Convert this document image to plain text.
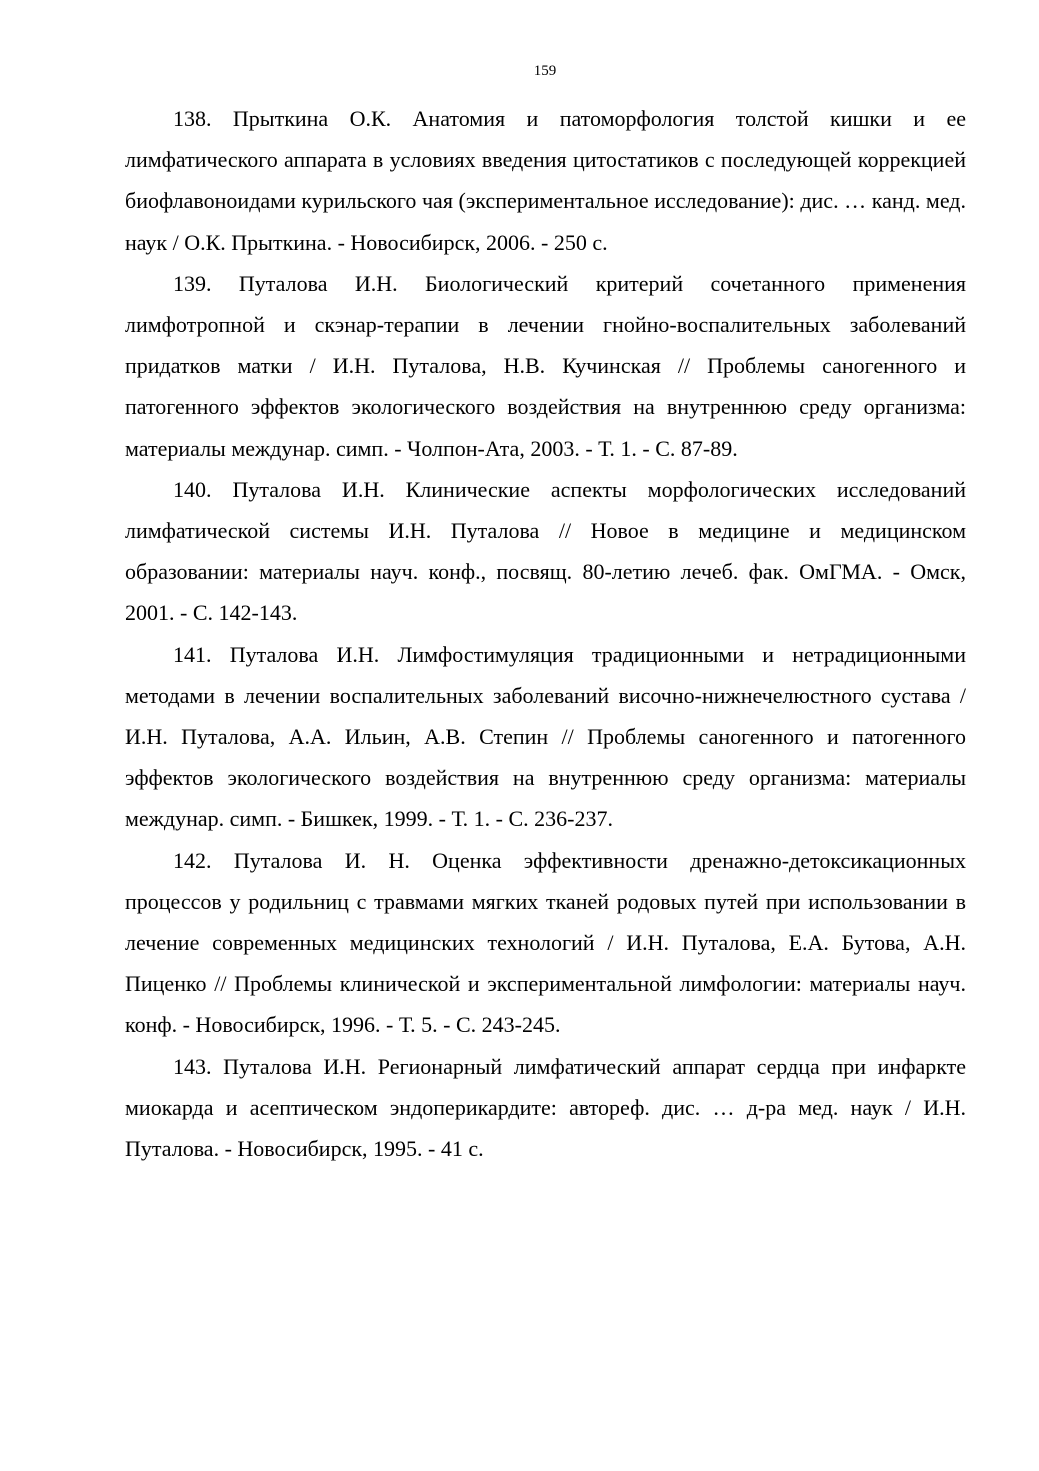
159
138. Прыткина О.К. Анатомия и патоморфология толстой кишки и ее лимфатического аппарата в условиях введения цитостатиков с последующей коррекцией биофлавоноидами курильского чая (экспериментальное исследование): дис. … канд. мед. наук / О.К. Прыткина. - Новосибирск, 2006. - 250 с.
139. Путалова И.Н. Биологический критерий сочетанного применения лимфотропной и скэнар-терапии в лечении гнойно-воспалительных заболеваний придатков матки / И.Н. Путалова, Н.В. Кучинская // Проблемы саногенного и патогенного эффектов экологического воздействия на внутреннюю среду организма: материалы междунар. симп. - Чолпон-Ата, 2003. - Т. 1. - С. 87-89.
140. Путалова И.Н. Клинические аспекты морфологических исследований лимфатической системы И.Н. Путалова // Новое в медицине и медицинском образовании: материалы науч. конф., посвящ. 80-летию лечеб. фак. ОмГМА. - Омск, 2001. - С. 142-143.
141. Путалова И.Н. Лимфостимуляция традиционными и нетрадиционными методами в лечении воспалительных заболеваний височно-нижнечелюстного сустава / И.Н. Путалова, А.А. Ильин, А.В. Степин // Проблемы саногенного и патогенного эффектов экологического воздействия на внутреннюю среду организма: материалы междунар. симп. - Бишкек, 1999. - Т. 1. - С. 236-237.
142. Путалова И. Н. Оценка эффективности дренажно-детоксикационных процессов у родильниц с травмами мягких тканей родовых путей при использовании в лечение современных медицинских технологий / И.Н. Путалова, Е.А. Бутова, А.Н. Пиценко // Проблемы клинической и экспериментальной лимфологии: материалы науч. конф. - Новосибирск, 1996. - Т. 5. - С. 243-245.
143. Путалова И.Н. Регионарный лимфатический аппарат сердца при инфаркте миокарда и асептическом эндоперикардите: автореф. дис. … д-ра мед. наук / И.Н. Путалова. - Новосибирск, 1995. - 41 с.
